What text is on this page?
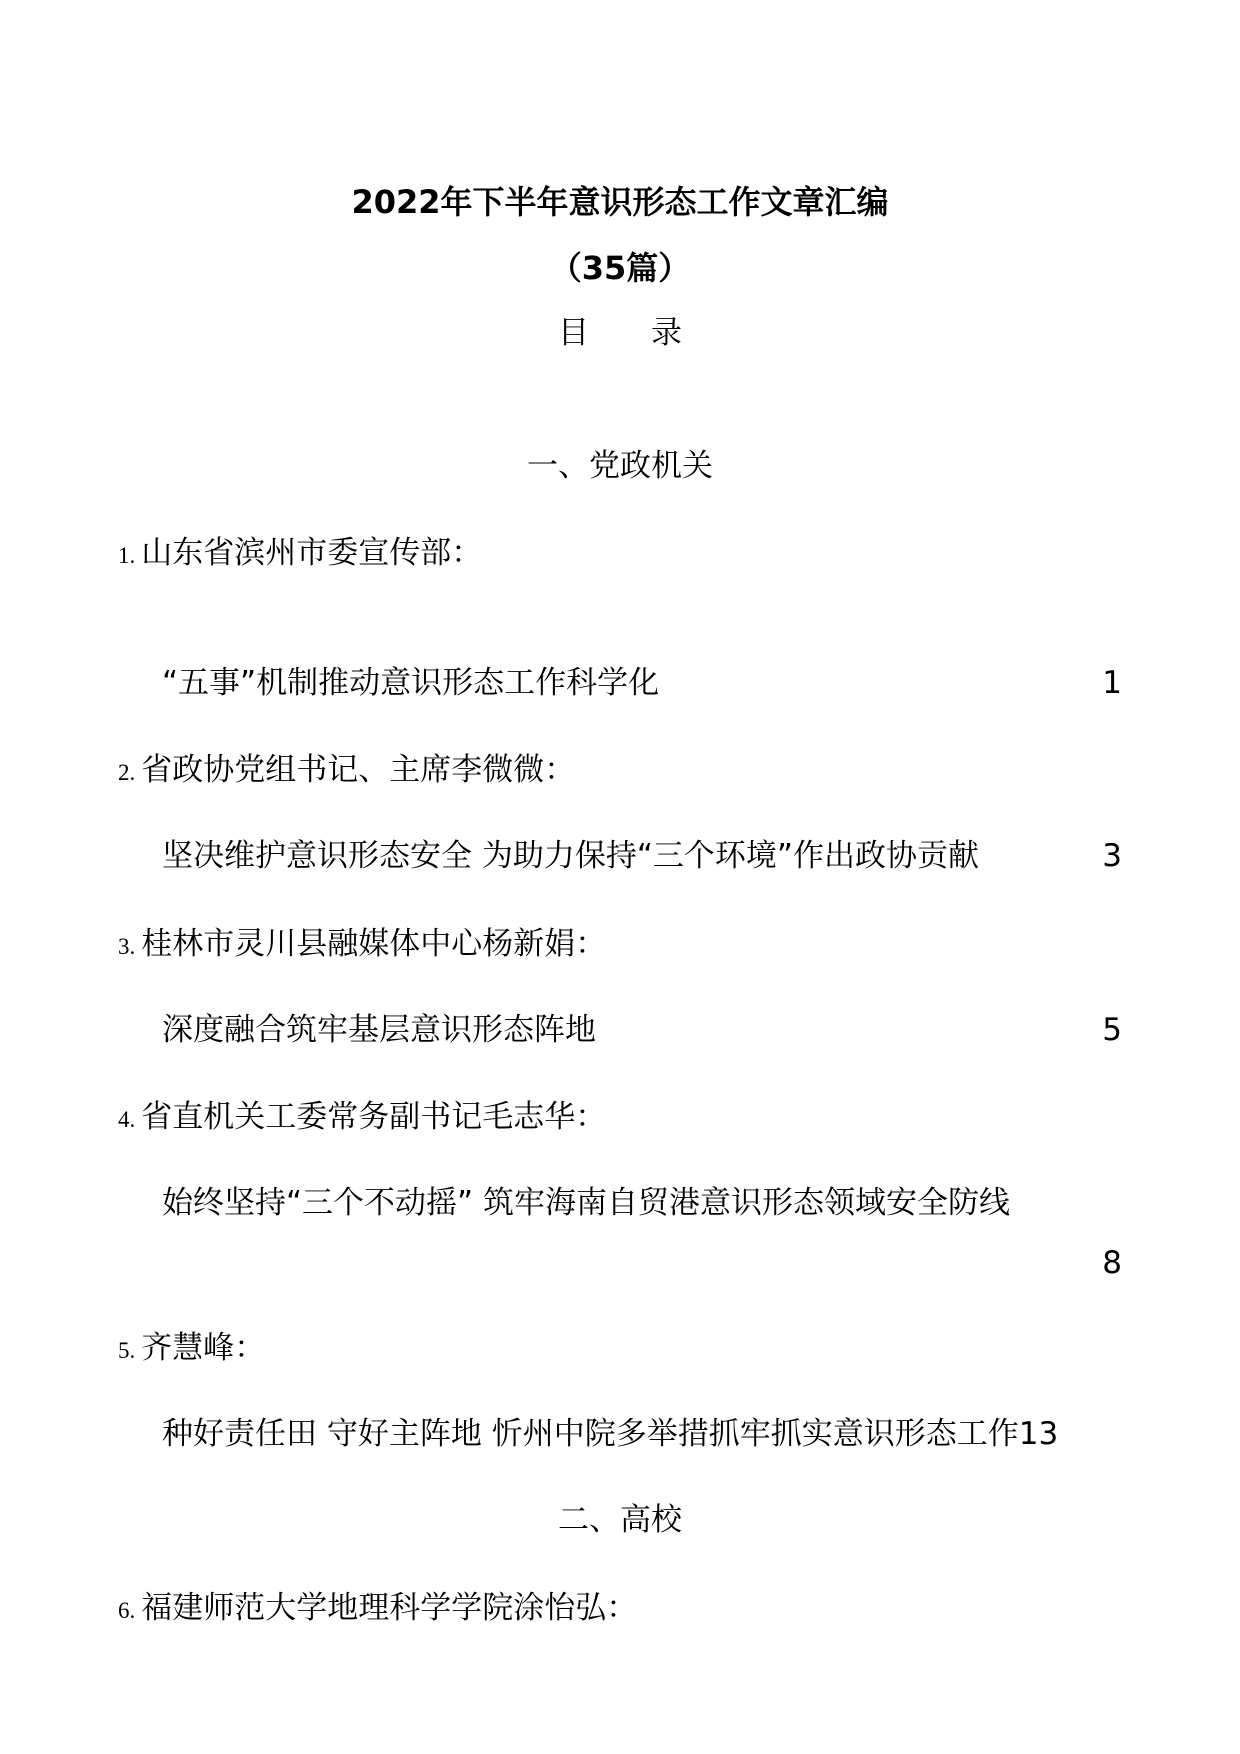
2022年下半年意识形态工作文章汇编
（35篇）
目　　录
一、党政机关
1. 山东省滨州市委宣传部：
“五事”机制推动意识形态工作科学化	1
2. 省政协党组书记、主席李微微：
坚决维护意识形态安全 为助力保持“三个环境”作出政协贡献	3
3. 桂林市灵川县融媒体中心杨新娟：
深度融合筑牢基层意识形态阵地	5
4. 省直机关工委常务副书记毛志华：
始终坚持“三个不动摇” 筑牢海南自贸港意识形态领域安全防线
8
5. 齐慧峰：
种好责任田 守好主阵地 忻州中院多举措抓牢抓实意识形态工作13
二、高校
6. 福建师范大学地理科学学院涂怡弘：
